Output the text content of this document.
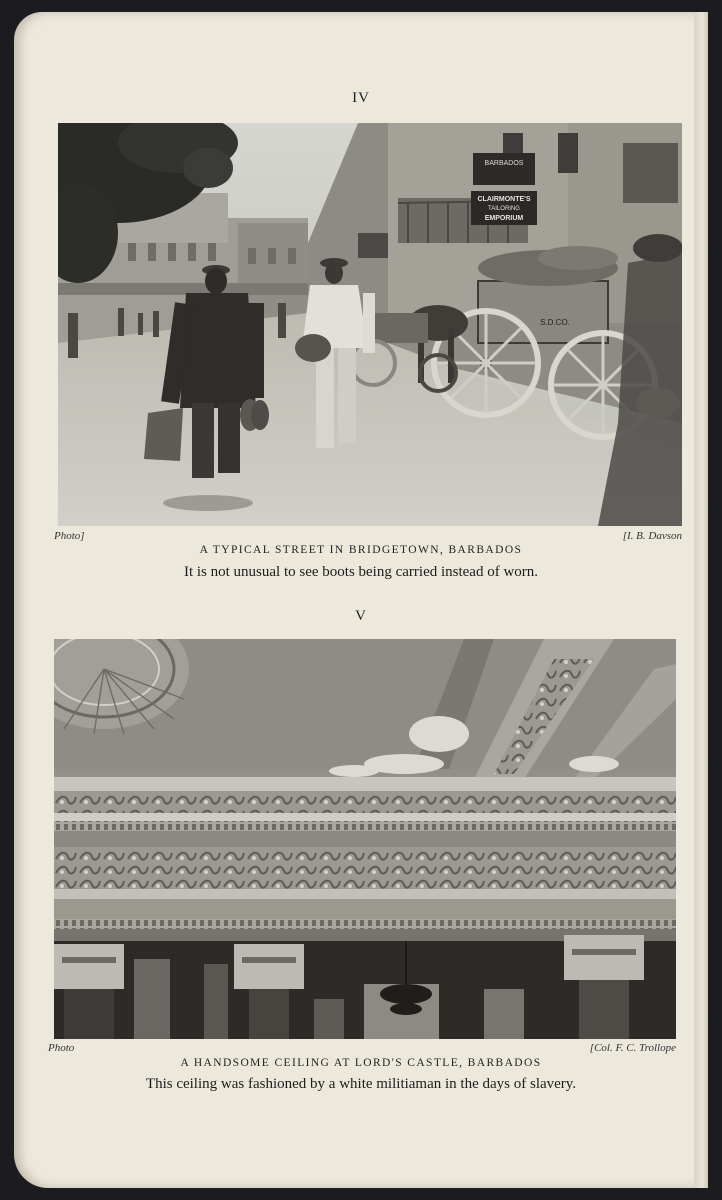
IV
BARBADOS
CLAIRMONTE'S
TAILORING
EMPORIUM
S.D.CO.
Photo]	[I. B. Davson
A TYPICAL STREET IN BRIDGETOWN, BARBADOS
It is not unusual to see boots being carried instead of worn.
V
Photo	[Col. F. C. Trollope
A HANDSOME CEILING AT LORD'S CASTLE, BARBADOS
This ceiling was fashioned by a white militiaman in the days of slavery.
